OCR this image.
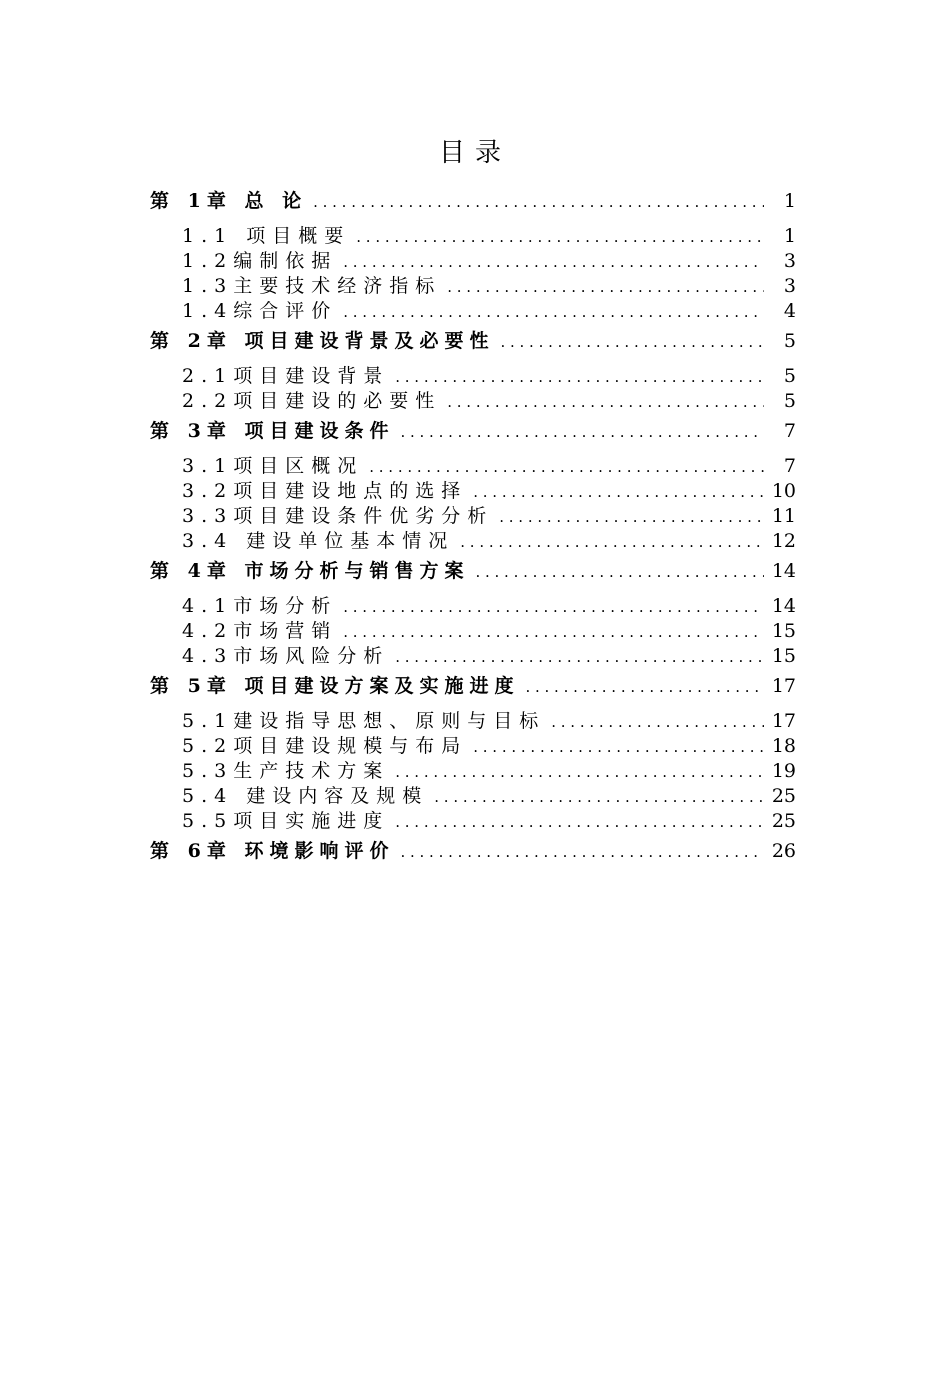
目录
第 1章 总 论 . . .	1
1.1 项目概要 . . .	1
1.2编制依据 . . .	3
1.3主要技术经济指标 . . .	3
1.4综合评价 . . .	4
第 2章 项目建设背景及必要性 . . .	5
2.1项目建设背景 . . .	5
2.2项目建设的必要性 . . .	5
第 3章 项目建设条件 . . .	7
3.1项目区概况 . . .	7
3.2项目建设地点的选择 . . .	10
3.3项目建设条件优劣分析 . . .	11
3.4 建设单位基本情况 . . .	12
第 4章 市场分析与销售方案 . . .	14
4.1市场分析 . . .	14
4.2市场营销 . . .	15
4.3市场风险分析 . . .	15
第 5章 项目建设方案及实施进度 . . .	17
5.1建设指导思想、原则与目标 . . .	17
5.2项目建设规模与布局 . . .	18
5.3生产技术方案 . . .	19
5.4 建设内容及规模 . . .	25
5.5项目实施进度 . . .	25
第 6章 环境影响评价 . . .	26
